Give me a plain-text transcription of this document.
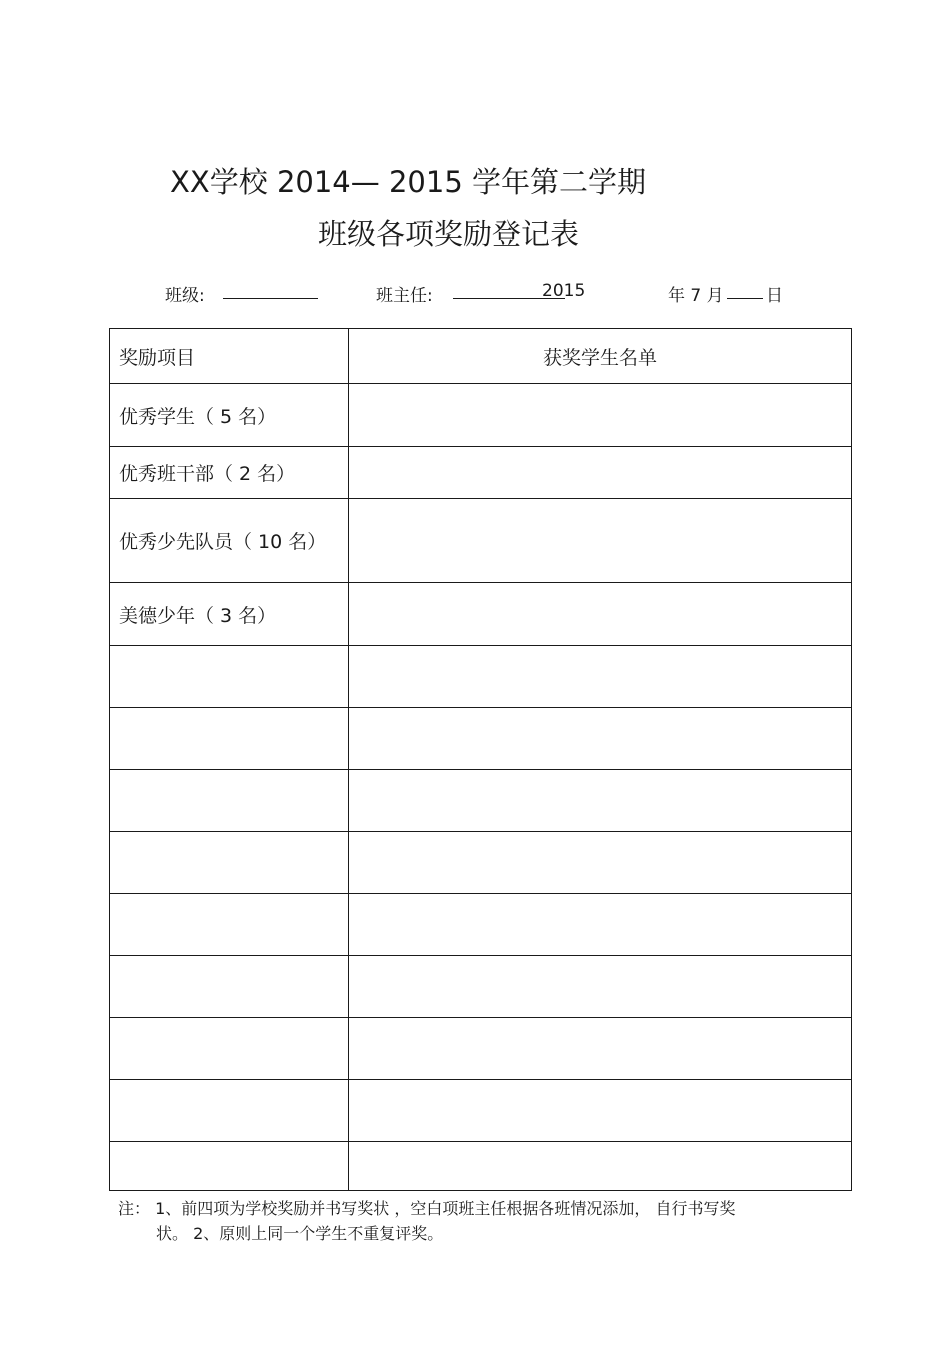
XX学校 2014— 2015 学年第二学期
班级各项奖励登记表
班级:	班主任:	2015	年 7 月 日
奖励项目	获奖学生名单
优秀学生（ 5 名）	
优秀班干部（ 2 名）	
优秀少先队员（ 10 名）	
美德少年（ 3 名）	

注： 1、前四项为学校奖励并书写奖状 ，空白项班主任根据各班情况添加， 自行书写奖
状。 2、原则上同一个学生不重复评奖。
